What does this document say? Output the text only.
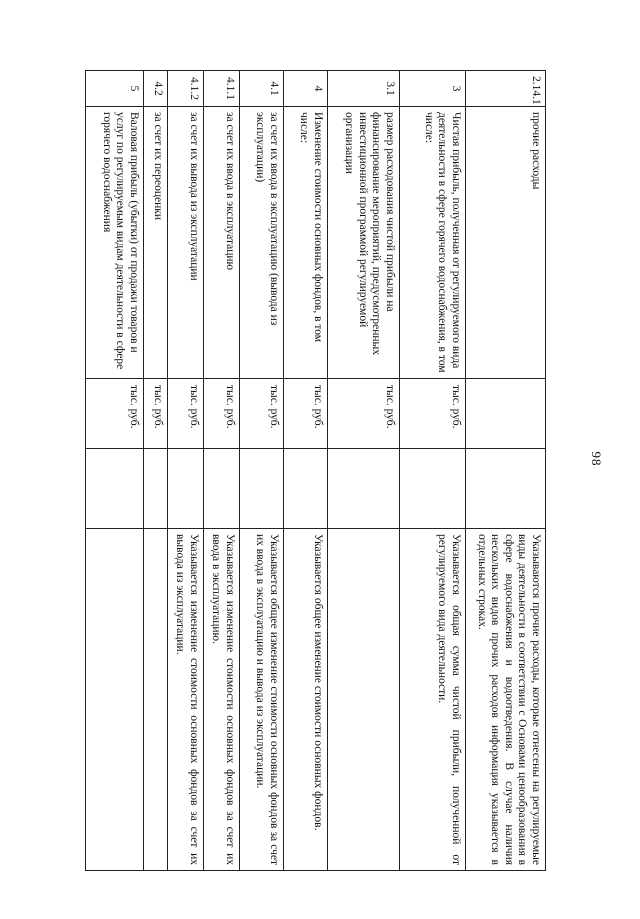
98
2.14.1	прочие расходы			Указываются прочие расходы, которые отнесены на регулируемые виды деятельности в соответствии с Основами ценообразования в сфере водоснабжения и водоотведения. В случае наличия нескольких видов прочих расходов информация указывается в отдельных строках.
3	Чистая прибыль, полученная от регулируемого вида деятельности в сфере горячего водоснабжения, в том числе:	тыс. руб.		Указывается общая сумма чистой прибыли, полученной от регулируемого вида деятельности.
3.1	размер расходования чистой прибыли на финансирование мероприятий, предусмотренных инвестиционной программой регулируемой организации	тыс. руб.		
4	Изменение стоимости основных фондов, в том числе:	тыс. руб.		Указывается общее изменение стоимости основных фондов.
4.1	за счет их ввода в эксплуатацию (вывода из эксплуатации)	тыс. руб.		Указывается общее изменение стоимости основных фондов за счет их ввода в эксплуатацию и вывода из эксплуатации.
4.1.1	за счет их ввода в эксплуатацию	тыс. руб.		Указывается изменение стоимости основных фондов за счет их ввода в эксплуатацию.
4.1.2	за счет их вывода из эксплуатации	тыс. руб.		Указывается изменение стоимости основных фондов за счет их вывода из эксплуатации.
4.2	за счет их переоценки	тыс. руб.		
5	Валовая прибыль (убытки) от продажи товаров и услуг по регулируемым видам деятельности в сфере горячего водоснабжения	тыс. руб.		
